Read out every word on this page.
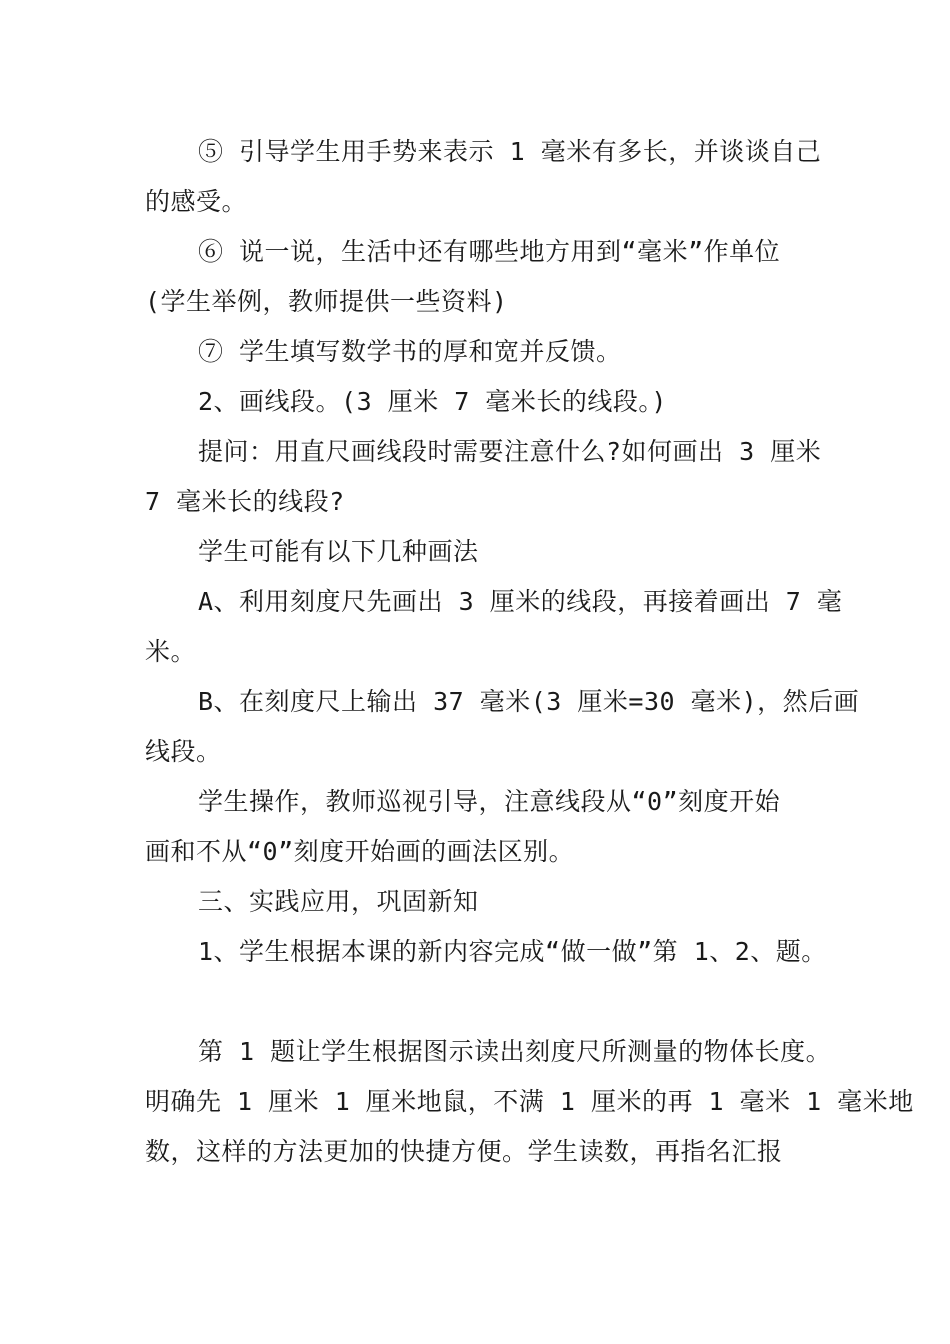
⑤ 引导学生用手势来表示 1 毫米有多长，并谈谈自己
的感受。
⑥ 说一说，生活中还有哪些地方用到“毫米”作单位
(学生举例，教师提供一些资料)
⑦ 学生填写数学书的厚和宽并反馈。
2、画线段。(3 厘米 7 毫米长的线段。)
提问：用直尺画线段时需要注意什么?如何画出 3 厘米
7 毫米长的线段?
学生可能有以下几种画法
A、利用刻度尺先画出 3 厘米的线段，再接着画出 7 毫
米。
B、在刻度尺上输出 37 毫米(3 厘米=30 毫米)，然后画
线段。
学生操作，教师巡视引导，注意线段从“0”刻度开始
画和不从“0”刻度开始画的画法区别。
三、实践应用，巩固新知
1、学生根据本课的新内容完成“做一做”第 1、2、题。
第 1 题让学生根据图示读出刻度尺所测量的物体长度。
明确先 1 厘米 1 厘米地鼠，不满 1 厘米的再 1 毫米 1 毫米地
数，这样的方法更加的快捷方便。学生读数，再指名汇报
